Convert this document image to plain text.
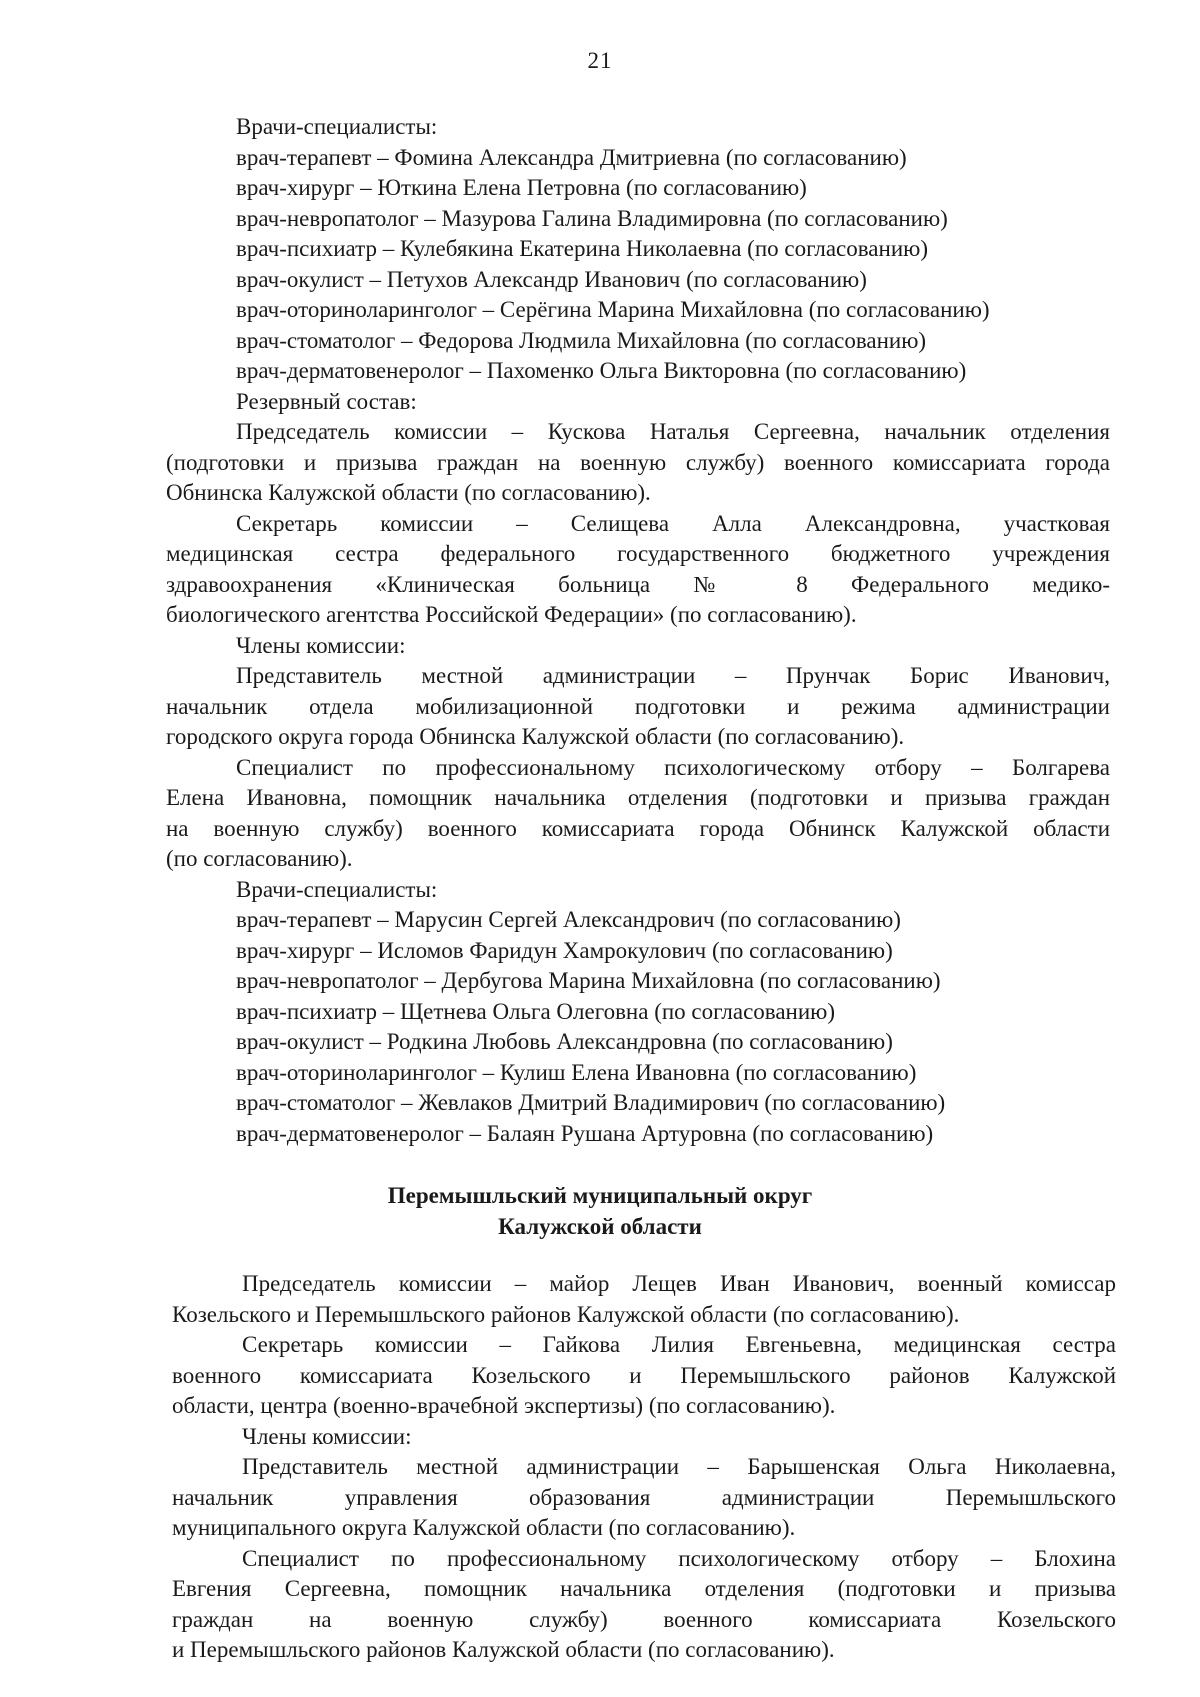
21
Врачи-специалисты:
врач-терапевт – Фомина Александра Дмитриевна (по согласованию)
врач-хирург – Юткина Елена Петровна (по согласованию)
врач-невропатолог – Мазурова Галина Владимировна (по согласованию)
врач-психиатр – Кулебякина Екатерина Николаевна (по согласованию)
врач-окулист – Петухов Александр Иванович (по согласованию)
врач-оториноларинголог – Серёгина Марина Михайловна (по согласованию)
врач-стоматолог – Федорова Людмила Михайловна (по согласованию)
врач-дерматовенеролог – Пахоменко Ольга Викторовна (по согласованию)
Резервный состав:
Председатель комиссии – Кускова Наталья Сергеевна, начальник отделения
(подготовки и призыва граждан на военную службу) военного комиссариата города
Обнинска Калужской области (по согласованию).
Секретарь комиссии – Селищева Алла Александровна, участковая
медицинская сестра федерального государственного бюджетного учреждения
здравоохранения «Клиническая больница № 8 Федерального медико-
биологического агентства Российской Федерации» (по согласованию).
Члены комиссии:
Представитель местной администрации – Прунчак Борис Иванович,
начальник отдела мобилизационной подготовки и режима администрации
городского округа города Обнинска Калужской области (по согласованию).
Специалист по профессиональному психологическому отбору – Болгарева
Елена Ивановна, помощник начальника отделения (подготовки и призыва граждан
на военную службу) военного комиссариата города Обнинск Калужской области
(по согласованию).
Врачи-специалисты:
врач-терапевт – Марусин Сергей Александрович (по согласованию)
врач-хирург – Исломов Фаридун Хамрокулович (по согласованию)
врач-невропатолог – Дербугова Марина Михайловна (по согласованию)
врач-психиатр – Щетнева Ольга Олеговна (по согласованию)
врач-окулист – Родкина Любовь Александровна (по согласованию)
врач-оториноларинголог – Кулиш Елена Ивановна (по согласованию)
врач-стоматолог – Жевлаков Дмитрий Владимирович (по согласованию)
врач-дерматовенеролог – Балаян Рушана Артуровна (по согласованию)
Перемышльский муниципальный округ
Калужской области
Председатель комиссии – майор Лещев Иван Иванович, военный комиссар
Козельского и Перемышльского районов Калужской области (по согласованию).
Секретарь комиссии – Гайкова Лилия Евгеньевна, медицинская сестра
военного комиссариата Козельского и Перемышльского районов Калужской
области, центра (военно-врачебной экспертизы) (по согласованию).
Члены комиссии:
Представитель местной администрации – Барышенская Ольга Николаевна,
начальник управления образования администрации Перемышльского
муниципального округа Калужской области (по согласованию).
Специалист по профессиональному психологическому отбору – Блохина
Евгения Сергеевна, помощник начальника отделения (подготовки и призыва
граждан на военную службу) военного комиссариата Козельского
и Перемышльского районов Калужской области (по согласованию).
